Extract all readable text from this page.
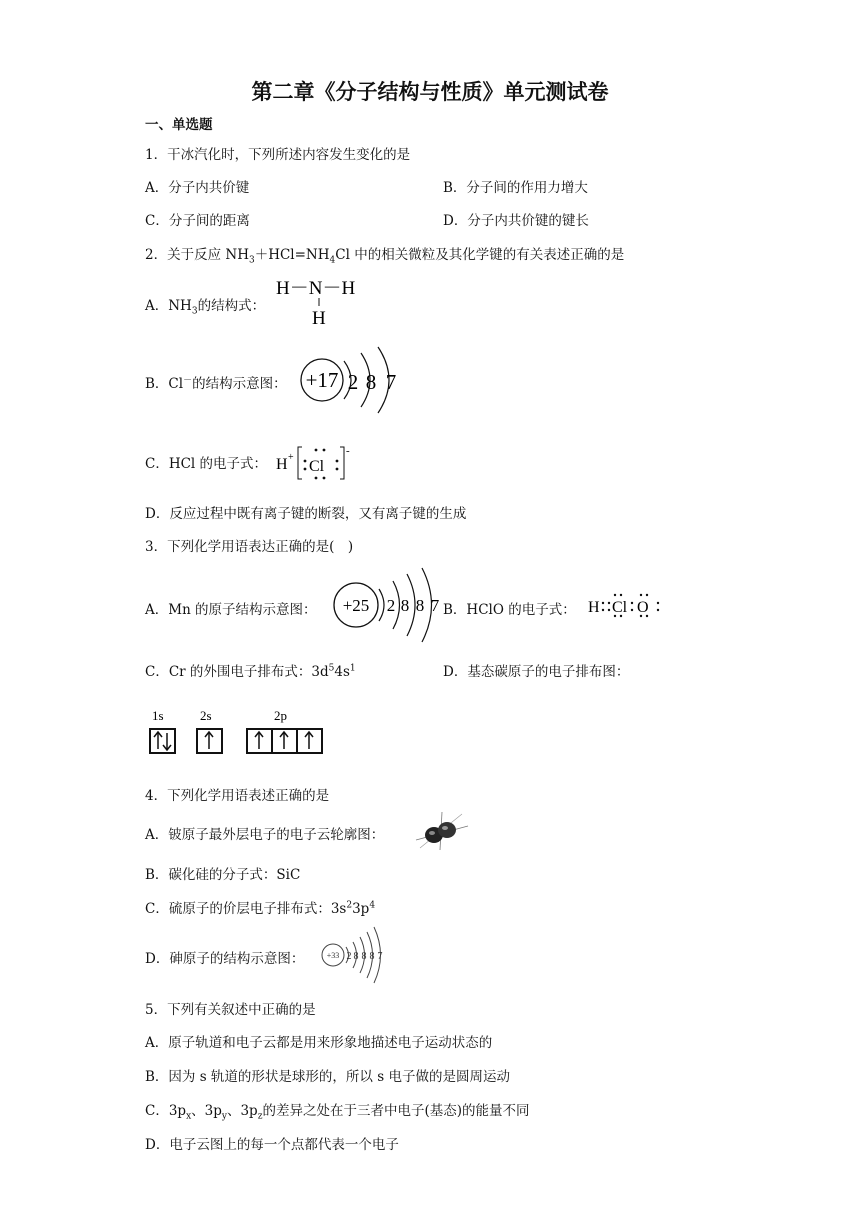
第二章《分子结构与性质》单元测试卷
一、单选题
1．干冰汽化时，下列所述内容发生变化的是
A．分子内共价键	B．分子间的作用力增大
C．分子间的距离	D．分子内共价键的键长
2．关于反应 $NH_3+HCl=NH_4Cl$ 中的相关微粒及其化学键的有关表述正确的是
A．$NH_3$的结构式：
H－N－H
H
B．Cl－的结构示意图： +17 2 8 7
C．HCl 的电子式： H +
Cl
-
D．反应过程中既有离子键的断裂，又有离子键的生成
3．下列化学用语表达正确的是(　)
A．Mn 的原子结构示意图： +25 2 8 8 7 B．HClO 的电子式： H Cl O
C．Cr 的外围电子排布式：$3d^54s^1$	D．基态碳原子的电子排布图：
1s	2s	2p
4．下列化学用语表述正确的是
A．铍原子最外层电子的电子云轮廓图：
B．碳化硅的分子式：SiC
C．硫原子的价层电子排布式：$3s^23p^4$
D．砷原子的结构示意图：	+33 2 8 8 8 7
5．下列有关叙述中正确的是
A．原子轨道和电子云都是用来形象地描述电子运动状态的
B．因为 s 轨道的形状是球形的，所以 s 电子做的是圆周运动
C．$3p_x$、$3p_y$、$3p_z$的差异之处在于三者中电子(基态)的能量不同
D．电子云图上的每一个点都代表一个电子
